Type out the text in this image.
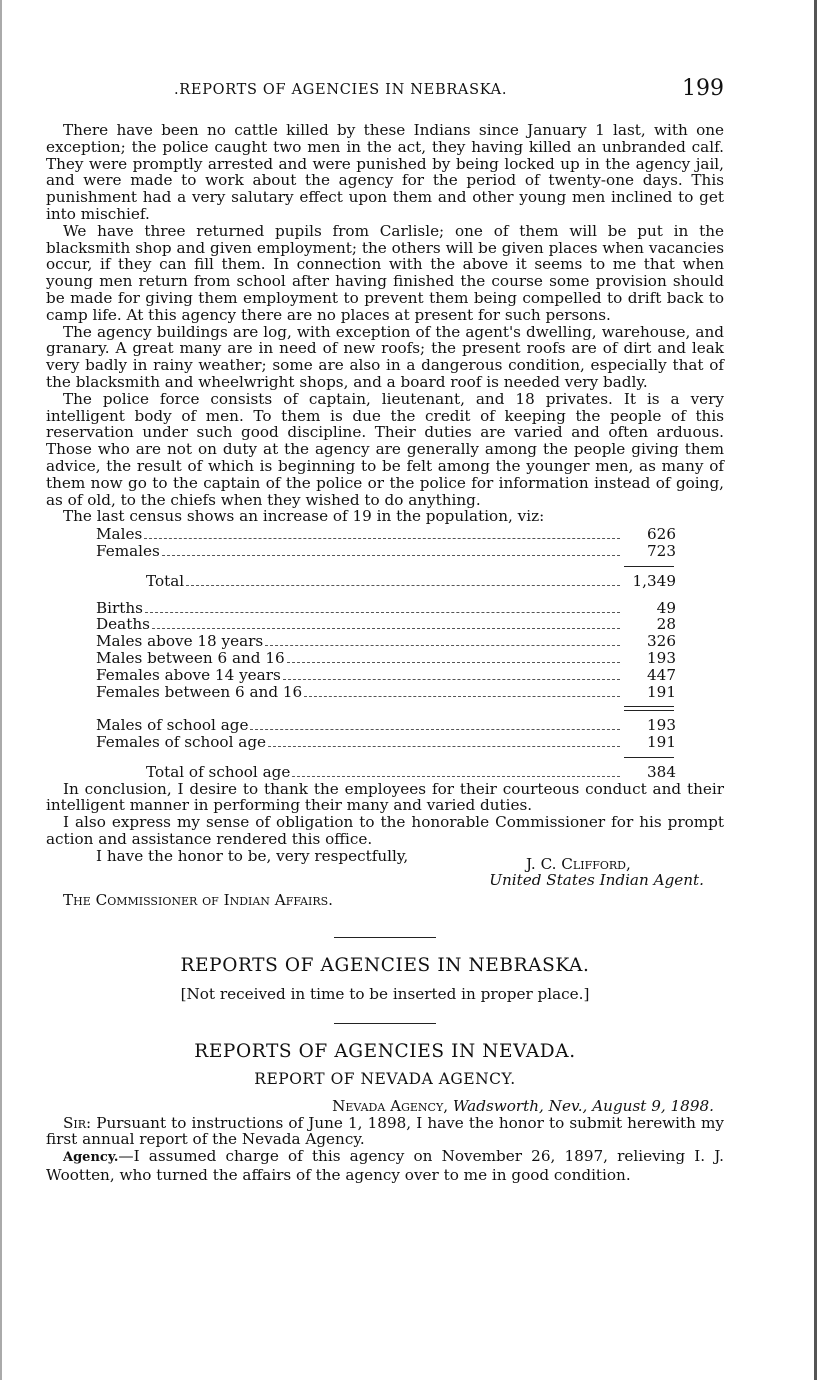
.REPORTS OF AGENCIES IN NEBRASKA.	199

There have been no cattle killed by these Indians since January 1 last, with one exception; the police caught two men in the act, they having killed an unbranded calf. They were promptly arrested and were punished by being locked up in the agency jail, and were made to work about the agency for the period of twenty-one days. This punishment had a very salutary effect upon them and other young men inclined to get into mischief.

We have three returned pupils from Carlisle; one of them will be put in the blacksmith shop and given employment; the others will be given places when vacancies occur, if they can fill them. In connection with the above it seems to me that when young men return from school after having finished the course some provision should be made for giving them employment to prevent them being compelled to drift back to camp life. At this agency there are no places at present for such persons.

The agency buildings are log, with exception of the agent's dwelling, warehouse, and granary. A great many are in need of new roofs; the present roofs are of dirt and leak very badly in rainy weather; some are also in a dangerous condition, especially that of the blacksmith and wheelwright shops, and a board roof is needed very badly.

The police force consists of captain, lieutenant, and 18 privates. It is a very intelligent body of men. To them is due the credit of keeping the people of this reservation under such good discipline. Their duties are varied and often arduous. Those who are not on duty at the agency are generally among the people giving them advice, the result of which is beginning to be felt among the younger men, as many of them now go to the captain of the police or the police for information instead of going, as of old, to the chiefs when they wished to do anything.

The last census shows an increase of 19 in the population, viz:

Males	626
Females	723
Total	1,349
Births	49
Deaths	28
Males above 18 years	326
Males between 6 and 16	193
Females above 14 years	447
Females between 6 and 16	191
Males of school age	193
Females of school age	191
Total of school age	384

In conclusion, I desire to thank the employees for their courteous conduct and their intelligent manner in performing their many and varied duties.

I also express my sense of obligation to the honorable Commissioner for his prompt action and assistance rendered this office.

I have the honor to be, very respectfully,	J. C. Clifford,
United States Indian Agent.
The Commissioner of Indian Affairs.
REPORTS OF AGENCIES IN NEBRASKA.
[Not received in time to be inserted in proper place.]
REPORTS OF AGENCIES IN NEVADA.
REPORT OF NEVADA AGENCY.
Nevada Agency, Wadsworth, Nev., August 9, 1898.

Sir: Pursuant to instructions of June 1, 1898, I have the honor to submit herewith my first annual report of the Nevada Agency.

Agency.—I assumed charge of this agency on November 26, 1897, relieving I. J. Wootten, who turned the affairs of the agency over to me in good condition.
